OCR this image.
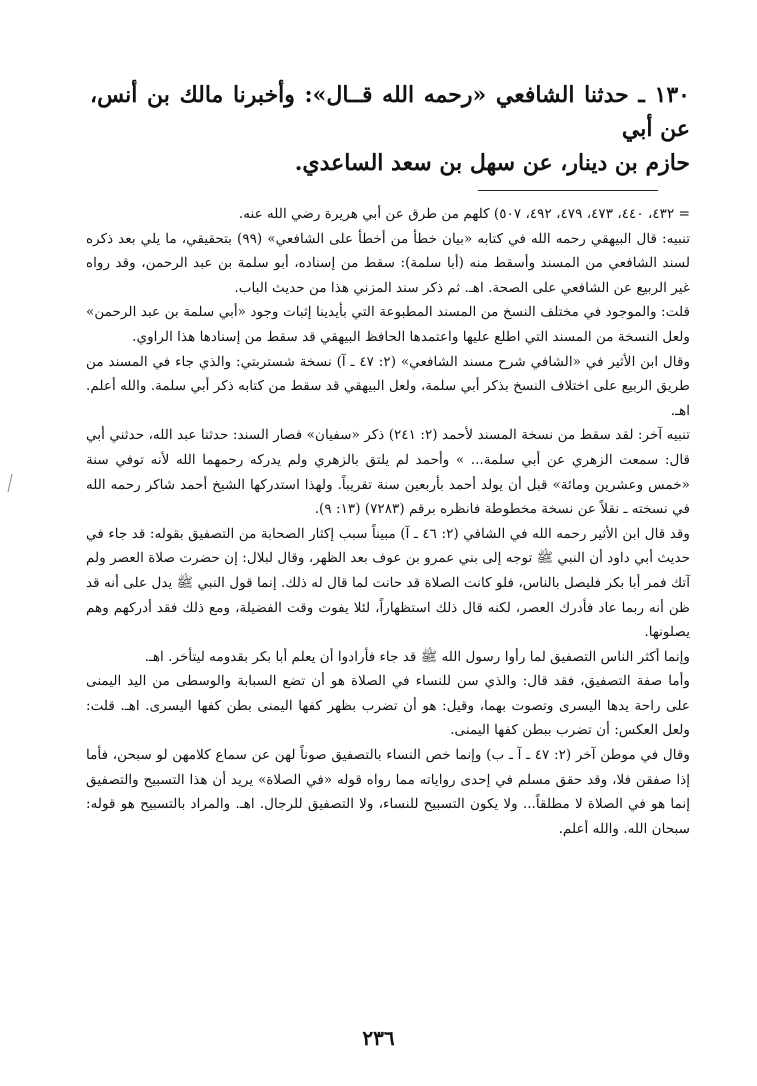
١٣٠ ـ حدثنا الشافعي «رحمه الله قــال»: وأخبرنا مالك بن أنس، عن أبي

حازم بن دينار، عن سهل بن سعد الساعدي.

= ٤٣٢، ٤٤٠، ٤٧٣، ٤٧٩، ٤٩٢، ٥٠٧) كلهم من طرق عن أبي هريرة رضي الله عنه.

تنبيه: قال البيهقي رحمه الله في كتابه «بيان خطأ من أخطأ على الشافعي» (٩٩) بتحقيقي، ما يلي بعد ذكره لسند الشافعي من المسند وأسقط منه (أبا سلمة): سقط من إسناده، أبو سلمة بن عبد الرحمن، وقد رواه غير الربيع عن الشافعي على الصحة. اهـ. ثم ذكر سند المزني هذا من حديث الباب.

قلت: والموجود في مختلف النسخ من المسند المطبوعة التي بأيدينا إثبات وجود «أبي سلمة بن عبد الرحمن» ولعل النسخة من المسند التي اطلع عليها واعتمدها الحافظ البيهقي قد سقط من إسنادها هذا الراوي.

وقال ابن الأثير في «الشافي شرح مسند الشافعي» (٢: ٤٧ ـ آ) نسخة شستربتي: والذي جاء في المسند من طريق الربيع على اختلاف النسخ بذكر أبي سلمة، ولعل البيهقي قد سقط من كتابه ذكر أبي سلمة. والله أعلم. اهـ.

تنبيه آخر: لقد سقط من نسخة المسند لأحمد (٢: ٢٤١) ذكر «سفيان» فصار السند: حدثنا عبد الله، حدثني أبي قال: سمعت الزهري عن أبي سلمة... » وأحمد لم يلتق بالزهري ولم يدركه رحمهما الله لأنه توفي سنة «خمس وعشرين ومائة» قبل أن يولد أحمد بأربعين سنة تقريباً. ولهذا استدركها الشيخ أحمد شاكر رحمه الله في نسخته ـ نقلاً عن نسخة مخطوطة فانظره برقم (٧٢٨٣) (١٣: ٩).

وقد قال ابن الأثير رحمه الله في الشافي (٢: ٤٦ ـ آ) مبيناً سبب إكثار الصحابة من التصفيق بقوله: قد جاء في حديث أبي داود أن النبي ﷺ توجه إلى بني عمرو بن عوف بعد الظهر، وقال لبلال: إن حضرت صلاة العصر ولم آتك فمر أبا بكر فليصل بالناس، فلو كانت الصلاة قد حانت لما قال له ذلك. إنما قول النبي ﷺ يدل على أنه قد ظن أنه ربما عاد فأدرك العصر، لكنه قال ذلك استظهاراً، لئلا يفوت وقت الفضيلة، ومع ذلك فقد أدركهم وهم يصلونها.

وإنما أكثر الناس التصفيق لما رأوا رسول الله ﷺ قد جاء فأرادوا أن يعلم أبا بكر بقدومه ليتأخر. اهـ.

وأما صفة التصفيق، فقد قال: والذي سن للنساء في الصلاة هو أن تضع السبابة والوسطى من اليد اليمنى على راحة يدها اليسرى وتصوت بهما، وقيل: هو أن تضرب بظهر كفها اليمنى بطن كفها اليسرى. اهـ. قلت: ولعل العكس: أن تضرب ببطن كفها اليمنى.

وقال في موطن آخر (٢: ٤٧ ـ آ ـ ب) وإنما خص النساء بالتصفيق صوناً لهن عن سماع كلامهن لو سبحن، فأما إذا صفقن فلا، وقد حقق مسلم في إحدى رواياته مما رواه قوله «في الصلاة» يريد أن هذا التسبيح والتصفيق إنما هو في الصلاة لا مطلقاً... ولا يكون التسبيح للنساء، ولا التصفيق للرجال. اهـ. والمراد بالتسبيح هو قوله: سبحان الله. والله أعلم.

٢٣٦
